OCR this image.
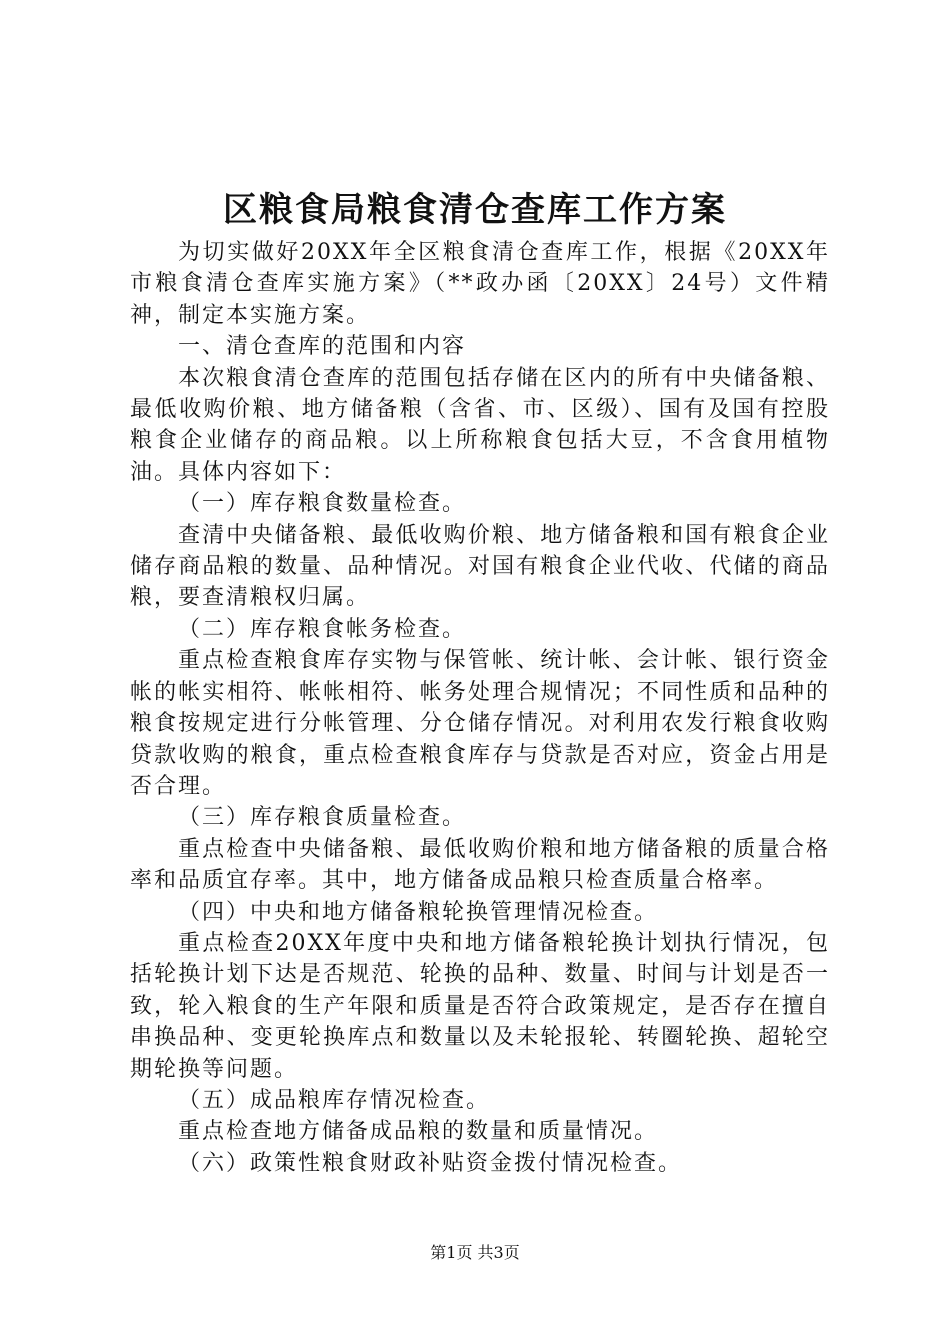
区粮食局粮食清仓查库工作方案

为切实做好20XX年全区粮食清仓查库工作，根据《20XX年市粮食清仓查库实施方案》（**政办函〔20XX〕24号）文件精神，制定本实施方案。

一、清仓查库的范围和内容

本次粮食清仓查库的范围包括存储在区内的所有中央储备粮、最低收购价粮、地方储备粮（含省、市、区级）、国有及国有控股粮食企业储存的商品粮。以上所称粮食包括大豆，不含食用植物油。具体内容如下：

（一）库存粮食数量检查。

查清中央储备粮、最低收购价粮、地方储备粮和国有粮食企业储存商品粮的数量、品种情况。对国有粮食企业代收、代储的商品粮，要查清粮权归属。

（二）库存粮食帐务检查。

重点检查粮食库存实物与保管帐、统计帐、会计帐、银行资金帐的帐实相符、帐帐相符、帐务处理合规情况；不同性质和品种的粮食按规定进行分帐管理、分仓储存情况。对利用农发行粮食收购贷款收购的粮食，重点检查粮食库存与贷款是否对应，资金占用是否合理。

（三）库存粮食质量检查。

重点检查中央储备粮、最低收购价粮和地方储备粮的质量合格率和品质宜存率。其中，地方储备成品粮只检查质量合格率。

（四）中央和地方储备粮轮换管理情况检查。

重点检查20XX年度中央和地方储备粮轮换计划执行情况，包括轮换计划下达是否规范、轮换的品种、数量、时间与计划是否一致，轮入粮食的生产年限和质量是否符合政策规定，是否存在擅自串换品种、变更轮换库点和数量以及未轮报轮、转圈轮换、超轮空期轮换等问题。

（五）成品粮库存情况检查。

重点检查地方储备成品粮的数量和质量情况。

（六）政策性粮食财政补贴资金拨付情况检查。

第1页 共3页
